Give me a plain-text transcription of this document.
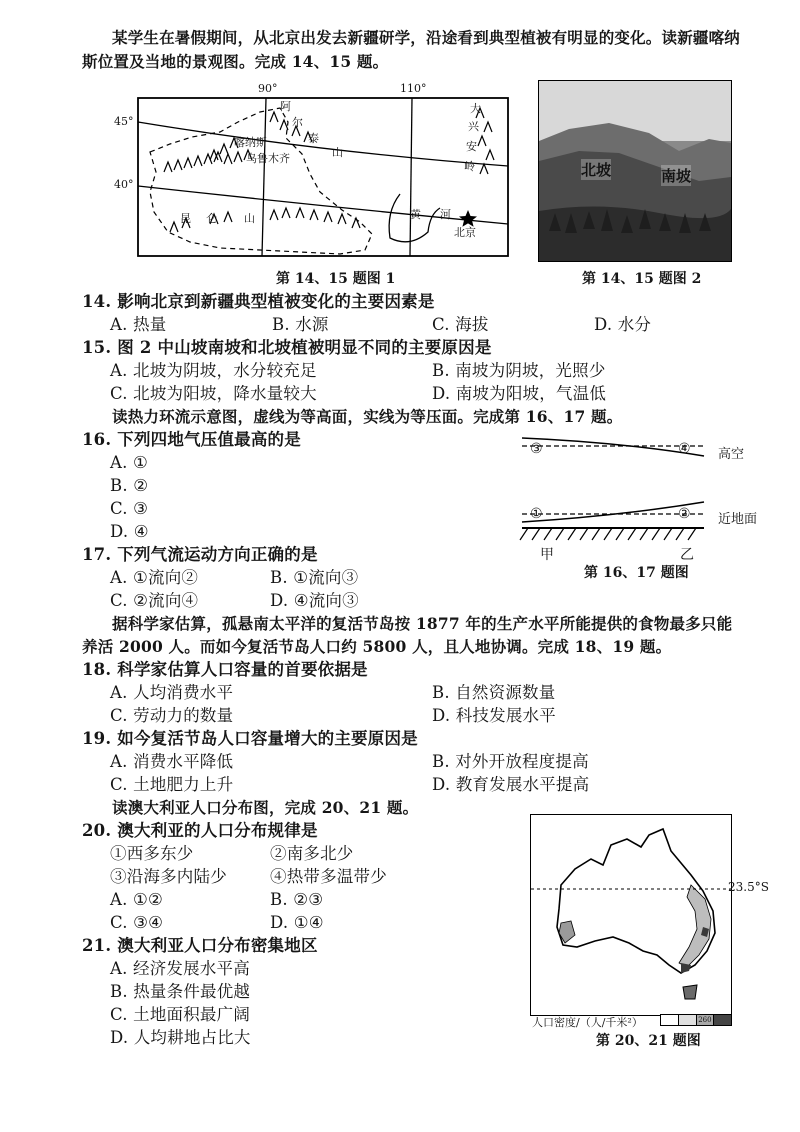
某学生在暑假期间，从北京出发去新疆研学，沿途看到典型植被有明显的变化。读新疆喀纳
斯位置及当地的景观图。完成 14、15 题。
90°	110°
45°
40°
喀纳斯
阿
尔
泰
山
乌鲁木齐
大
兴
安
岭
昆 仑 山	黄 河
北京
第 14、15 题图 1
北坡	南坡
第 14、15 题图 2
14. 影响北京到新疆典型植被变化的主要因素是
A. 热量	B. 水源	C. 海拔	D. 水分
15. 图 2 中山坡南坡和北坡植被明显不同的主要原因是
A. 北坡为阴坡，水分较充足	B. 南坡为阴坡，光照少
C. 北坡为阳坡，降水量较大	D. 南坡为阳坡，气温低
读热力环流示意图，虚线为等高面，实线为等压面。完成第 16、17 题。
16. 下列四地气压值最高的是
A. ①
B. ②
C. ③
D. ④
③	④
①	②
高空
近地面
甲	乙
第 16、17 题图
17. 下列气流运动方向正确的是
A. ①流向②	B. ①流向③
C. ②流向④	D. ④流向③
据科学家估算，孤悬南太平洋的复活节岛按 1877 年的生产水平所能提供的食物最多只能
养活 2000 人。而如今复活节岛人口约 5800 人，且人地协调。完成 18、19 题。
18. 科学家估算人口容量的首要依据是
A. 人均消费水平	B. 自然资源数量
C. 劳动力的数量	D. 科技发展水平
19. 如今复活节岛人口容量增大的主要原因是
A. 消费水平降低	B. 对外开放程度提高
C. 土地肥力上升	D. 教育发展水平提高
读澳大利亚人口分布图，完成 20、21 题。
20. 澳大利亚的人口分布规律是
①西多东少	②南多北少
③沿海多内陆少	④热带多温带少
A. ①②	B. ②③
C. ③④	D. ①④
23.5°S
人口密度/（人/千米²）	260
第 20、21 题图
21. 澳大利亚人口分布密集地区
A. 经济发展水平高
B. 热量条件最优越
C. 土地面积最广阔
D. 人均耕地占比大
